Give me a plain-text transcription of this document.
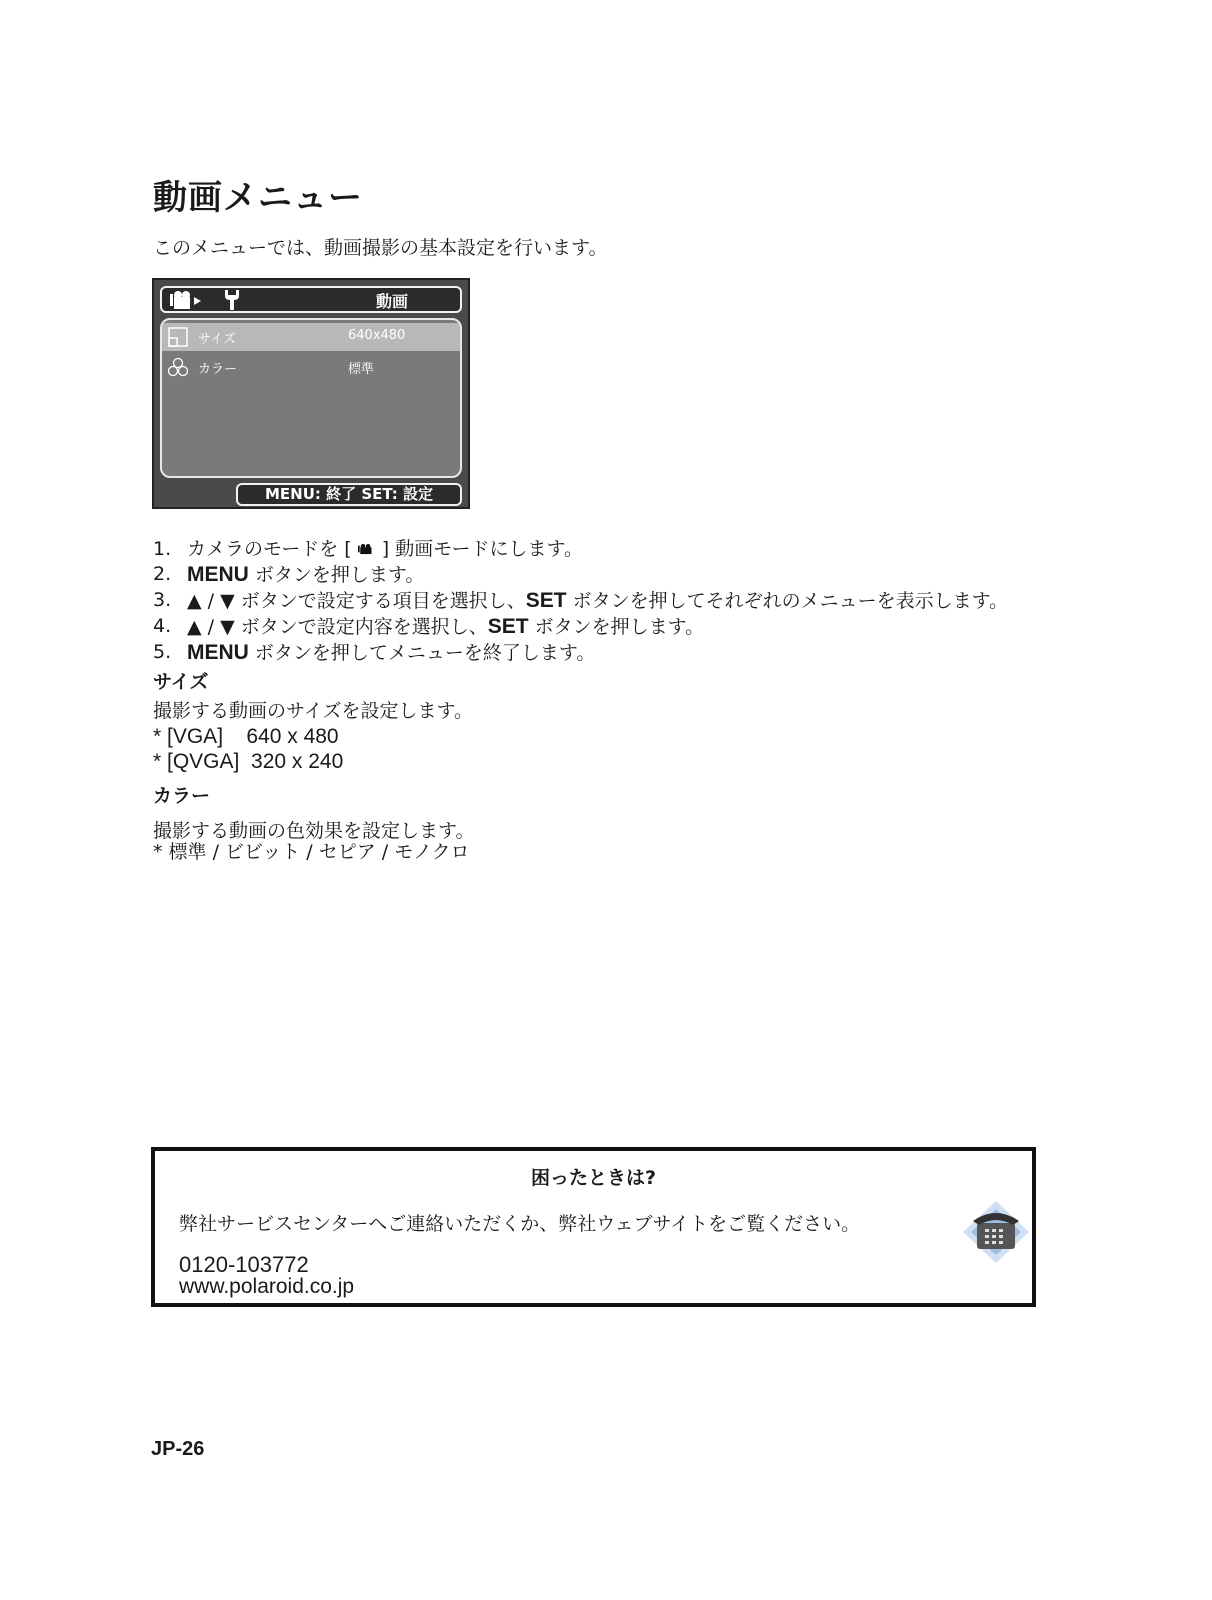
動画メニュー
このメニューでは、動画撮影の基本設定を行います。
動画
サイズ	640x480
カラー	標準
MENU: 終了 SET: 設定
1. カメラのモードを [  ] 動画モードにします。
2. MENU ボタンを押します。
3. ▲ / ▼ ボタンで設定する項目を選択し、SET ボタンを押してそれぞれのメニューを表示します。
4. ▲ / ▼ ボタンで設定内容を選択し、SET ボタンを押します。
5. MENU ボタンを押してメニューを終了します。
サイズ
撮影する動画のサイズを設定します。
* [VGA]    640 x 480
* [QVGA]  320 x 240
カラー
撮影する動画の色効果を設定します。
* 標準 / ビビット / セピア / モノクロ
困ったときは?
弊社サービスセンターへご連絡いただくか、弊社ウェブサイトをご覧ください。
0120-103772
www.polaroid.co.jp
JP-26
